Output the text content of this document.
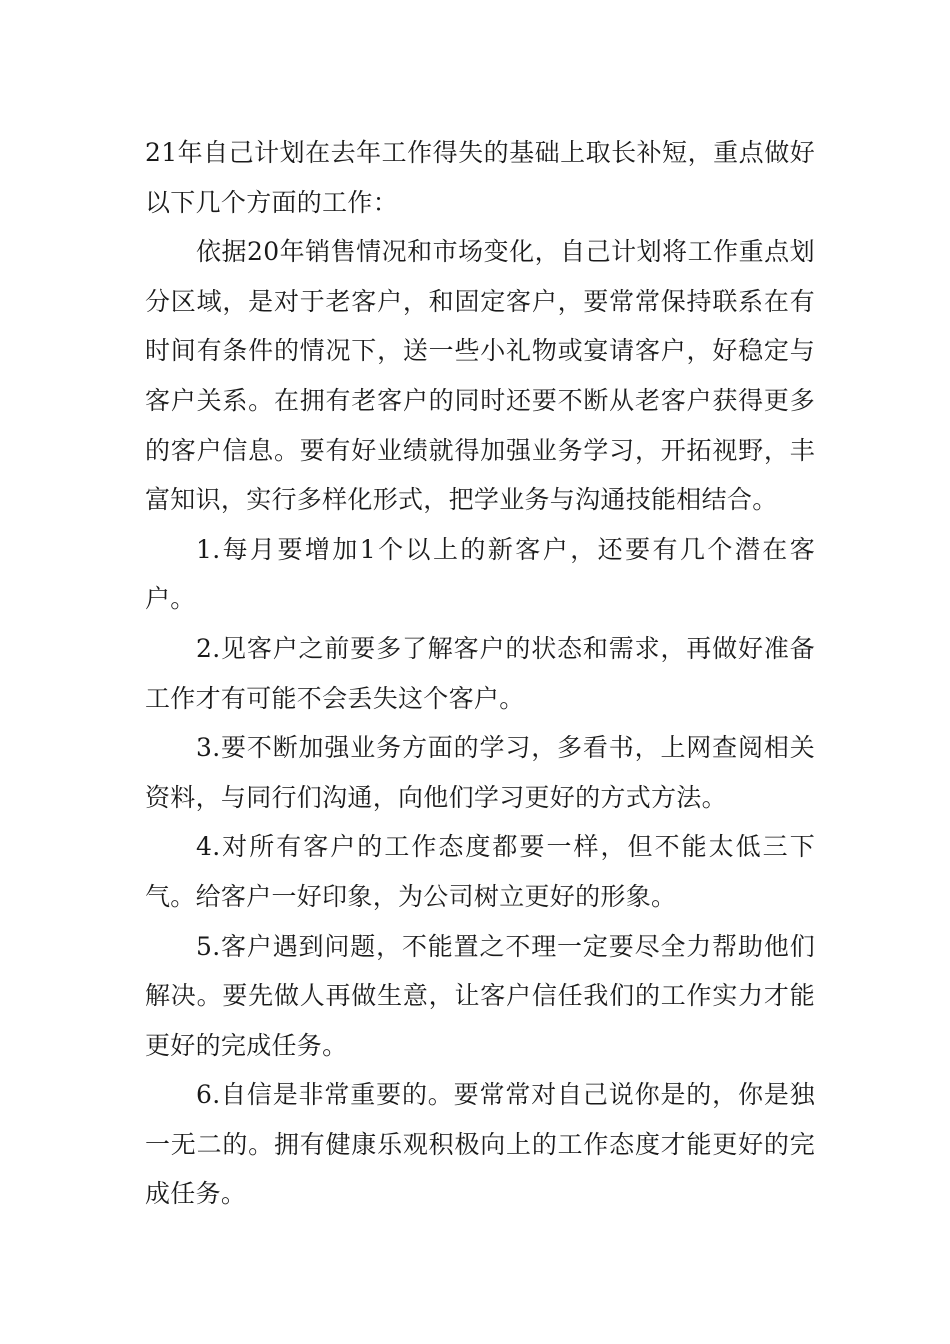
21年自己计划在去年工作得失的基础上取长补短，重点做好以下几个方面的工作：

依据20年销售情况和市场变化，自己计划将工作重点划分区域，是对于老客户，和固定客户，要常常保持联系在有时间有条件的情况下，送一些小礼物或宴请客户，好稳定与客户关系。在拥有老客户的同时还要不断从老客户获得更多的客户信息。要有好业绩就得加强业务学习，开拓视野，丰富知识，实行多样化形式，把学业务与沟通技能相结合。

1.每月要增加1个以上的新客户，还要有几个潜在客户。

2.见客户之前要多了解客户的状态和需求，再做好准备工作才有可能不会丢失这个客户。

3.要不断加强业务方面的学习，多看书，上网查阅相关资料，与同行们沟通，向他们学习更好的方式方法。

4.对所有客户的工作态度都要一样，但不能太低三下气。给客户一好印象，为公司树立更好的形象。

5.客户遇到问题，不能置之不理一定要尽全力帮助他们解决。要先做人再做生意，让客户信任我们的工作实力才能更好的完成任务。

6.自信是非常重要的。要常常对自己说你是的，你是独一无二的。拥有健康乐观积极向上的工作态度才能更好的完成任务。
